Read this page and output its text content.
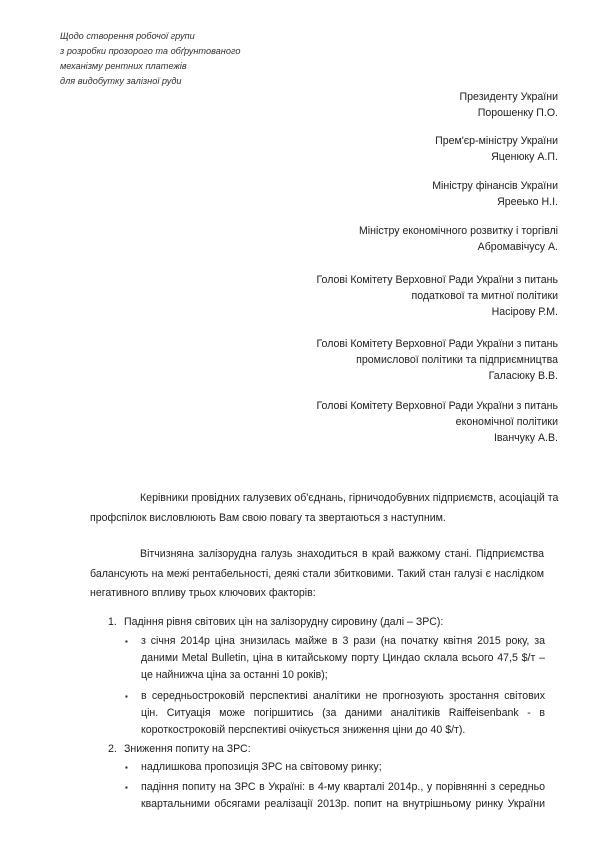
Щодо створення робочої групи
з розробки прозорого та обґрунтованого
механізму рентних платежів
для видобутку залізної руди
Президенту України
Порошенку П.О.
Прем'єр-міністру України
Яценюку А.П.
Міністру фінансів України
Ярееько Н.І.
Міністру економічного розвитку і торгівлі
Абромавічусу А.
Голові Комітету Верховної Ради України з питань
податкової та митної політики
Насірову Р.М.
Голові Комітету Верховної Ради України з питань
промислової політики та підприємництва
Галасюку В.В.
Голові Комітету Верховної Ради України з питань
економічної політики
Іванчуку А.В.
Керівники провідних галузевих об'єднань, гірничодобувних підприємств, асоціацій та
профспілок висловлюють Вам свою повагу та звертаються з наступним.
Вітчизняна залізорудна галузь знаходиться в край важкому стані. Підприємства
балансують на межі рентабельності, деякі стали збитковими. Такий стан галузі є наслідком
негативного впливу трьох ключових факторів:
1. Падіння рівня світових цін на залізорудну сировину (далі – ЗРС):
▪ з січня 2014р ціна знизилась майже в 3 рази (на початку квітня 2015 року, за
даними Metal Bulletin, ціна в китайському порту Циндао склала всього 47,5 $/т –
це найнижча ціна за останні 10 років);
▪ в середньостроковій перспективі аналітики не прогнозують зростання світових
цін. Ситуація може погіршитись (за даними аналітиків Raiffeisenbank - в
короткостроковій перспективі очікується зниження ціни до 40 $/т).
2. Зниження попиту на ЗРС:
▪ надлишкова пропозиція ЗРС на світовому ринку;
▪ падіння попиту на ЗРС в Україні: в 4-му кварталі 2014р., у порівнянні з середньо
квартальними обсягами реалізації 2013р. попит на внутрішньому ринку України
